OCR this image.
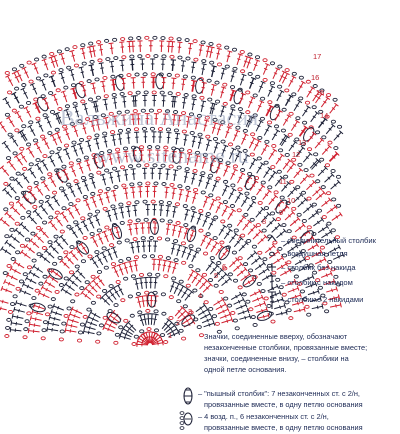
Вальжина Анастасия
www.sitename.ru
17
16
15
14
13
12
11
10
9
8
7
6
5
4
3
2
1
– соединительный столбик
– воздушная петля
– столбик без накида
– столбик с накидом
– столбик с 2 накидами
Значки, соединенные вверху, обозначают
незаконченные столбики, провязанные вместе;
значки, соединенные внизу, – столбики на
одной петле основания.
– "пышный столбик": 7 незаконченных ст. с 2/н,
провязанные вместе, в одну петлю основания
– 4 возд. п., 6 незаконченных ст. с 2/н,
провязанные вместе, в одну петлю основания
